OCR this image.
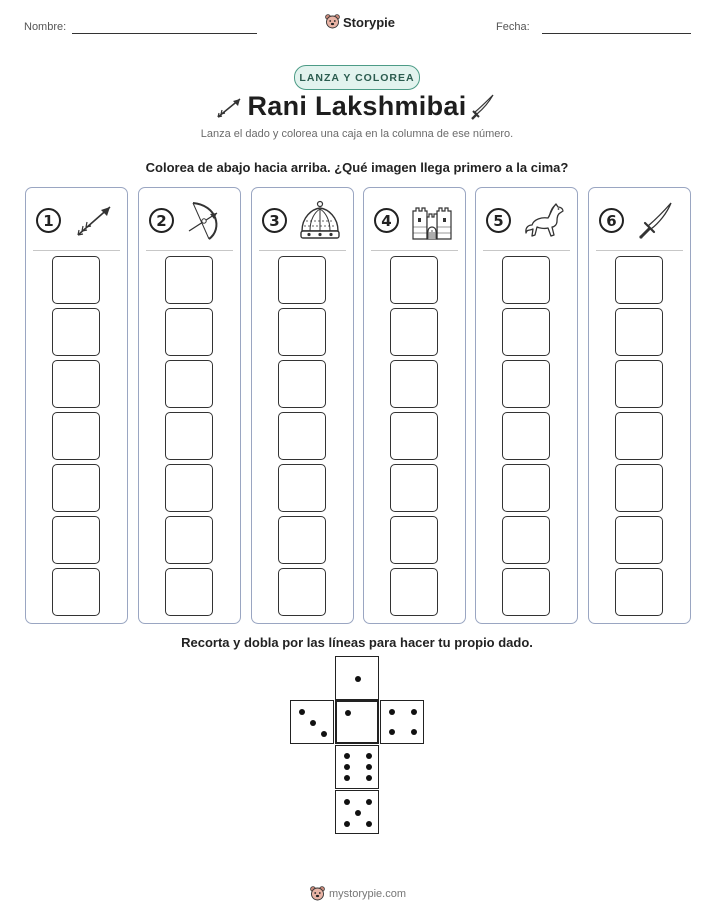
Nombre:	Storypie	Fecha:
LANZA Y COLOREA
Rani Lakshmibai
Lanza el dado y colorea una caja en la columna de ese número.
Colorea de abajo hacia arriba. ¿Qué imagen llega primero a la cima?
1	2	3	4	5	6
Recorta y dobla por las líneas para hacer tu propio dado.
mystorypie.com
